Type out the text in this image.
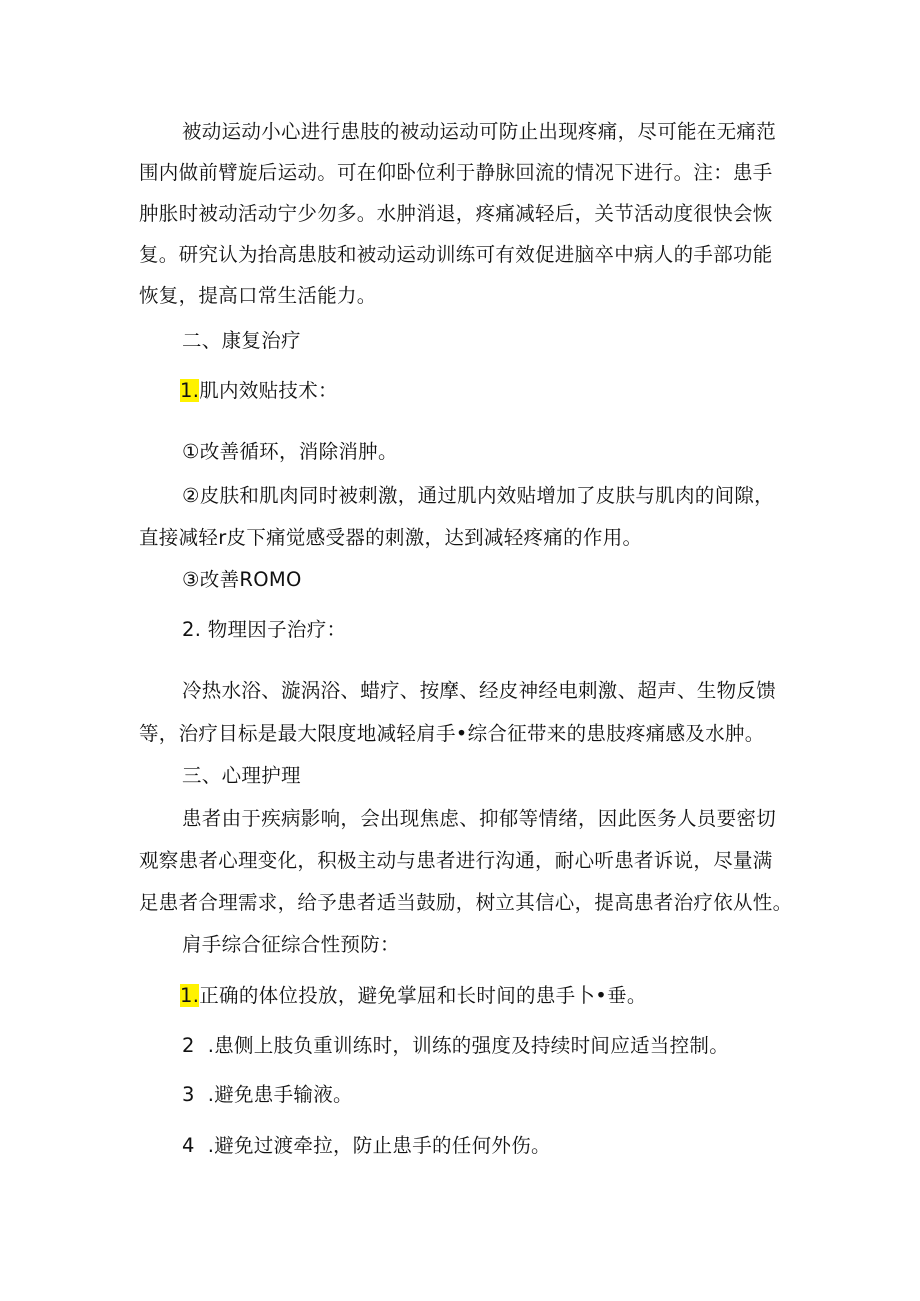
被动运动小心进行患肢的被动运动可防止出现疼痛，尽可能在无痛范
围内做前臂旋后运动。可在仰卧位利于静脉回流的情况下进行。注：患手
肿胀时被动活动宁少勿多。水肿消退，疼痛减轻后，关节活动度很快会恢
复。研究认为抬高患肢和被动运动训练可有效促进脑卒中病人的手部功能
恢复，提高口常生活能力。
二、康复治疗
1.肌内效贴技术：
①改善循环，消除消肿。
②皮肤和肌肉同时被刺激，通过肌内效贴增加了皮肤与肌肉的间隙，
直接减轻r皮下痛觉感受器的刺激，达到减轻疼痛的作用。
③改善ROMO
2. 物理因子治疗：
冷热水浴、漩涡浴、蜡疗、按摩、经皮神经电刺激、超声、生物反馈
等，治疗目标是最大限度地减轻肩手•综合征带来的患肢疼痛感及水肿。
三、心理护理
患者由于疾病影响，会出现焦虑、抑郁等情绪，因此医务人员要密切
观察患者心理变化，积极主动与患者进行沟通，耐心听患者诉说，尽量满
足患者合理需求，给予患者适当鼓励，树立其信心，提高患者治疗依从性。
肩手综合征综合性预防：
1.正确的体位投放，避免掌屈和长时间的患手卜•垂。
2  .患侧上肢负重训练时，训练的强度及持续时间应适当控制。
3  .避免患手输液。
4  .避免过渡牵拉，防止患手的任何外伤。
